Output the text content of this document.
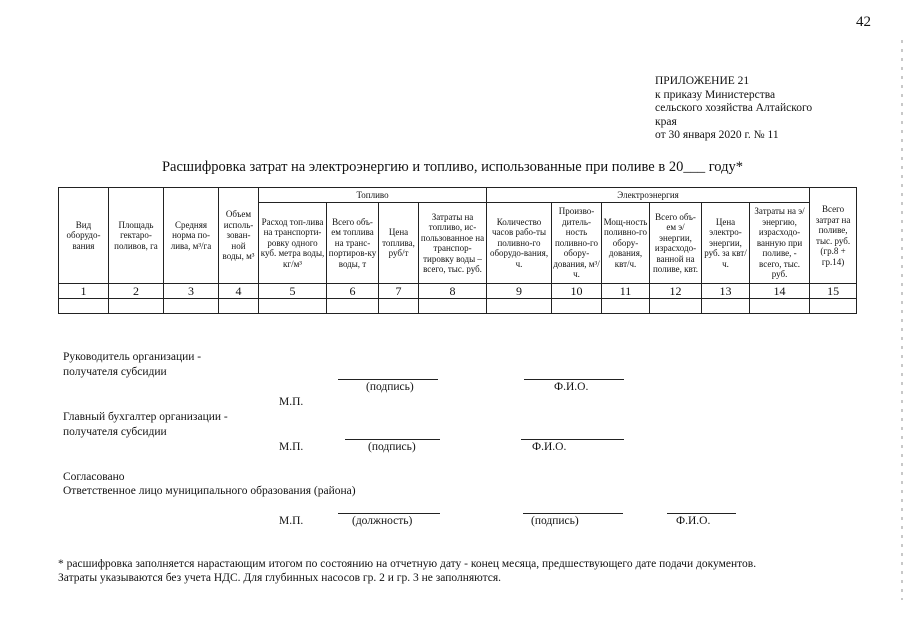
42
ПРИЛОЖЕНИЕ 21
к приказу Министерства
сельского хозяйства Алтайского
края
от 30 января 2020 г. № 11
Расшифровка затрат на электроэнергию и топливо, использованные при поливе в 20___ году*
Вид оборудо-вания	Площадь гектаро-поливов, га	Средняя норма по-лива, м³/га	Объем исполь-зован-ной воды, м³	Топливо				Электроэнергия						Всего затрат на поливе, тыс. руб. (гр.8 + гр.14)
				Расход топ-лива на транспорти-ровку одного куб. метра воды, кг/м³	Всего объ-ем топлива на транс-портиров-ку воды, т	Цена топлива, руб/т	Затраты на топливо, ис-пользованное на транспор-тировку воды – всего, тыс. руб.	Количество часов рабо-ты поливно-го оборудо-вания, ч.	Произво-дитель-ность поливно-го обору-дования, м³/ч.	Мощ-ность поливно-го обору-дования, квт/ч.	Всего объ-ем э/энергии, израсходо-ванной на поливе, квт.	Цена электро-энергии, руб. за квт/ч.	Затраты на э/энергию, израсходо-ванную при поливе, - всего, тыс. руб.	
1	2	3	4	5	6	7	8	9	10	11	12	13	14	15

Руководитель организации -
получателя субсидии
(подпись)	Ф.И.О.
М.П.
Главный бухгалтер организации -
получателя субсидии
М.П.	(подпись)	Ф.И.О.
Согласовано
Ответственное лицо муниципального образования (района)
М.П.	(должность)	(подпись)	Ф.И.О.
* расшифровка заполняется нарастающим итогом по состоянию на отчетную дату - конец месяца, предшествующего дате подачи документов.
Затраты указываются без учета НДС. Для глубинных насосов гр. 2 и гр. 3 не заполняются.
